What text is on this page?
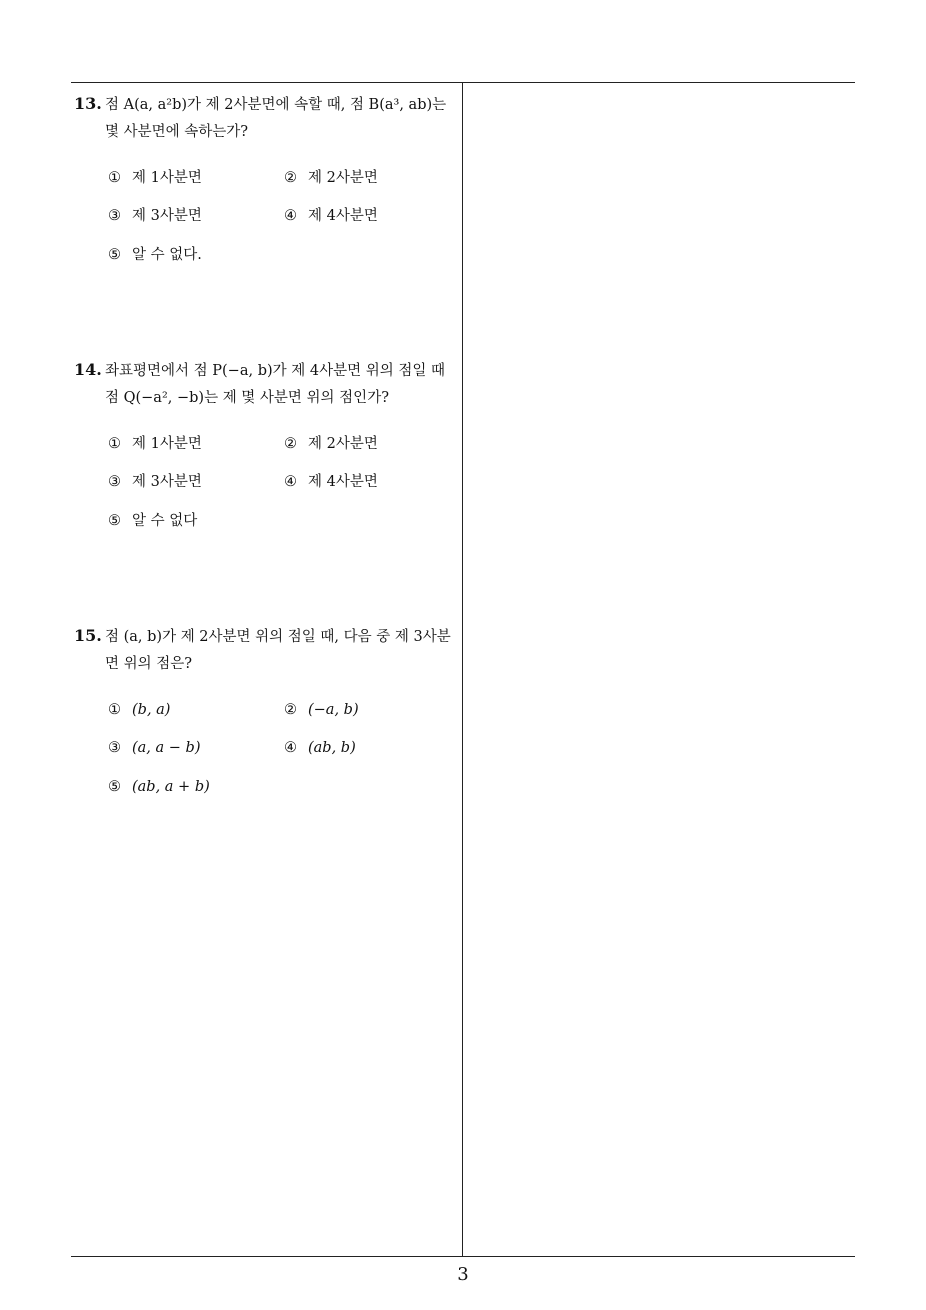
13. 점 A(a, a²b)가 제 2사분면에 속할 때, 점 B(a³, ab)는 몇 사분면에 속하는가?
① 제 1사분면	② 제 2사분면
③ 제 3사분면	④ 제 4사분면
⑤ 알 수 없다.
14. 좌표평면에서 점 P(−a, b)가 제 4사분면 위의 점일 때 점 Q(−a², −b)는 제 몇 사분면 위의 점인가?
① 제 1사분면	② 제 2사분면
③ 제 3사분면	④ 제 4사분면
⑤ 알 수 없다
15. 점 (a, b)가 제 2사분면 위의 점일 때, 다음 중 제 3사분면 위의 점은?
① (b, a)	② (−a, b)
③ (a, a − b)	④ (ab, b)
⑤ (ab, a + b)
3
